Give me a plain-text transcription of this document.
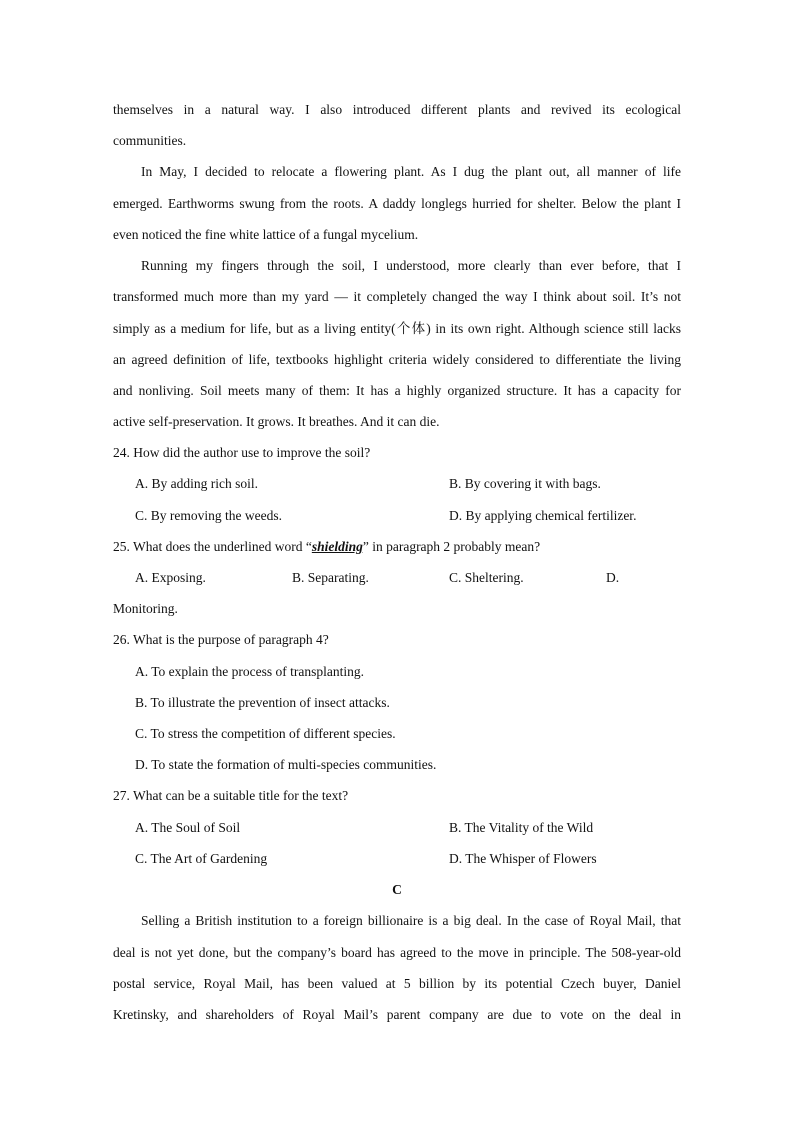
themselves in a natural way. I also introduced different plants and revived its ecological
communities.
In May, I decided to relocate a flowering plant. As I dug the plant out, all manner of life
emerged. Earthworms swung from the roots. A daddy longlegs hurried for shelter. Below the plant I
even noticed the fine white lattice of a fungal mycelium.
Running my fingers through the soil, I understood, more clearly than ever before, that I
transformed much more than my yard — it completely changed the way I think about soil. It’s not
simply as a medium for life, but as a living entity(个体) in its own right. Although science still lacks
an agreed definition of life, textbooks highlight criteria widely considered to differentiate the living
and nonliving. Soil meets many of them: It has a highly organized structure. It has a capacity for
active self-preservation. It grows. It breathes. And it can die.
24. How did the author use to improve the soil?
A. By adding rich soil.	B. By covering it with bags.
C. By removing the weeds.	D. By applying chemical fertilizer.
25. What does the underlined word “shielding” in paragraph 2 probably mean?
A. Exposing.	B. Separating.	C. Sheltering.	D.
Monitoring.
26. What is the purpose of paragraph 4?
A. To explain the process of transplanting.
B. To illustrate the prevention of insect attacks.
C. To stress the competition of different species.
D. To state the formation of multi-species communities.
27. What can be a suitable title for the text?
A. The Soul of Soil	B. The Vitality of the Wild
C. The Art of Gardening	D. The Whisper of Flowers
C
Selling a British institution to a foreign billionaire is a big deal. In the case of Royal Mail, that
deal is not yet done, but the company’s board has agreed to the move in principle. The 508-year-old
postal service, Royal Mail, has been valued at 5 billion by its potential Czech buyer, Daniel
Kretinsky, and shareholders of Royal Mail’s parent company are due to vote on the deal in
